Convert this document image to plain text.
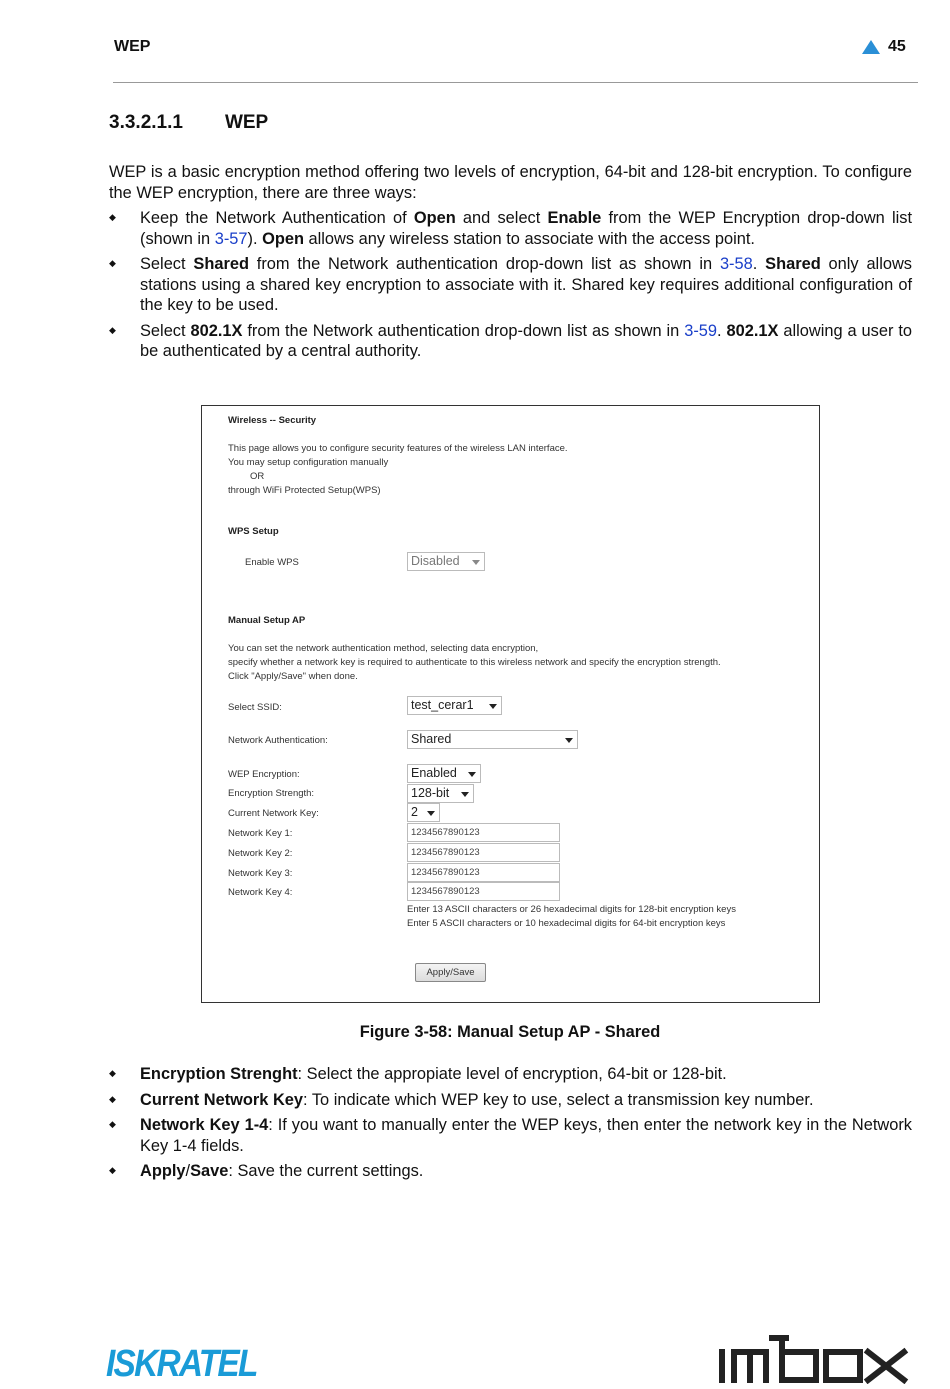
WEP	45
3.3.2.1.1 WEP
WEP is a basic encryption method offering two levels of encryption, 64-bit and 128-bit encryption. To configure the WEP encryption, there are three ways:
◆ Keep the Network Authentication of Open and select Enable from the WEP Encryption drop-down list (shown in 3-57). Open allows any wireless station to associate with the access point.
◆ Select Shared from the Network authentication drop-down list as shown in 3-58. Shared only allows stations using a shared key encryption to associate with it. Shared key requires additional configuration of the key to be used.
◆ Select 802.1X from the Network authentication drop-down list as shown in 3-59. 802.1X allowing a user to be authenticated by a central authority.
Wireless -- Security
This page allows you to configure security features of the wireless LAN interface.
You may setup configuration manually
OR
through WiFi Protected Setup(WPS)
WPS Setup
Enable WPS	Disabled
Manual Setup AP
You can set the network authentication method, selecting data encryption,
specify whether a network key is required to authenticate to this wireless network and specify the encryption strength.
Click "Apply/Save" when done.
Select SSID:	test_cerar1
Network Authentication:	Shared
WEP Encryption:	Enabled
Encryption Strength:	128-bit
Current Network Key:	2
Network Key 1:	1234567890123
Network Key 2:	1234567890123
Network Key 3:	1234567890123
Network Key 4:	1234567890123
Enter 13 ASCII characters or 26 hexadecimal digits for 128-bit encryption keys
Enter 5 ASCII characters or 10 hexadecimal digits for 64-bit encryption keys
Apply/Save
Figure 3-58: Manual Setup AP - Shared
◆ Encryption Strenght: Select the appropiate level of encryption, 64-bit or 128-bit.
◆ Current Network Key: To indicate which WEP key to use, select a transmission key number.
◆ Network Key 1-4: If you want to manually enter the WEP keys, then enter the network key in the Network Key 1-4 fields.
◆ Apply/Save: Save the current settings.
ISKRATEL
